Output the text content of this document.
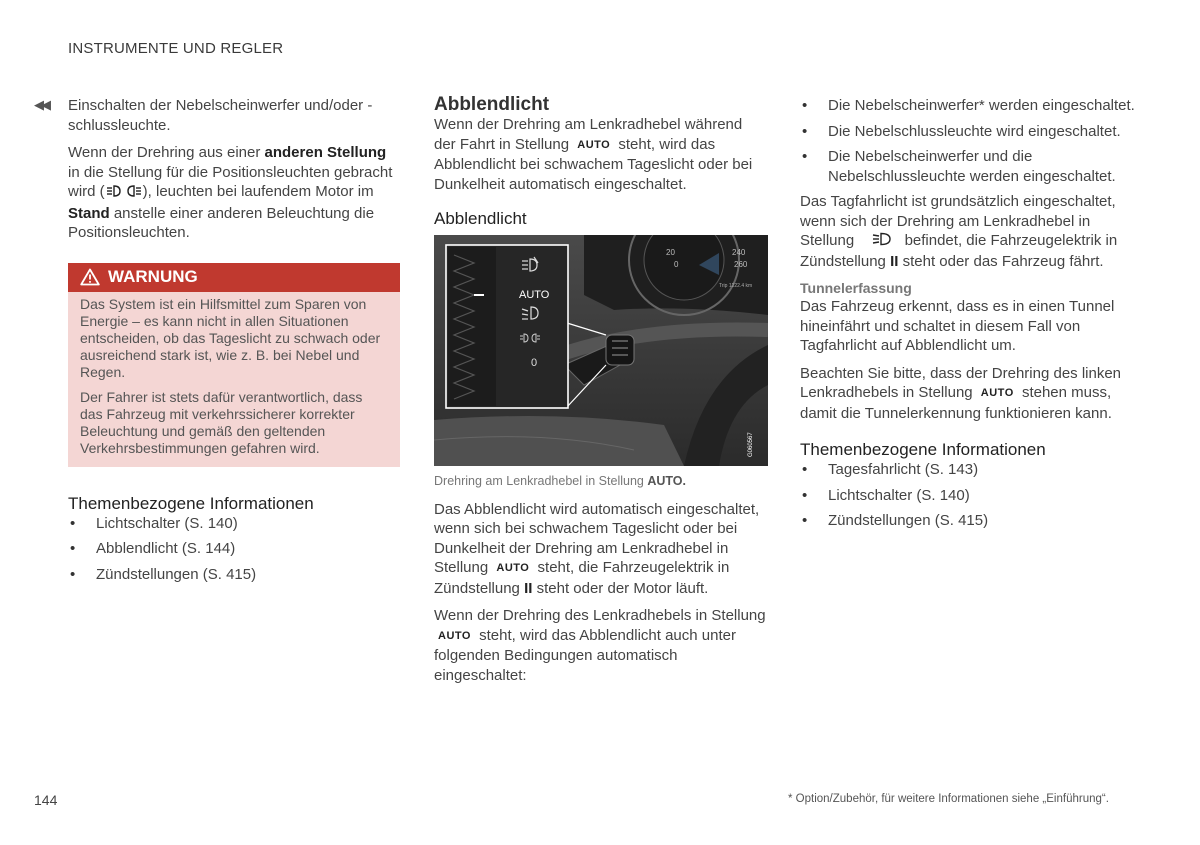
INSTRUMENTE UND REGLER
◀◀ Einschalten der Nebelscheinwerfer und/oder -schlussleuchte.

Wenn der Drehring aus einer anderen Stellung in die Stellung für die Positionsleuchten gebracht wird (	), leuchten bei laufendem Motor im Stand anstelle einer anderen Beleuchtung die Positionsleuchten.

WARNUNG

Das System ist ein Hilfsmittel zum Sparen von Energie – es kann nicht in allen Situationen entscheiden, ob das Tageslicht zu schwach oder ausreichend stark ist, wie z. B. bei Nebel und Regen.

Der Fahrer ist stets dafür verantwortlich, dass das Fahrzeug mit verkehrssicherer korrekter Beleuchtung und gemäß den geltenden Verkehrsbestimmungen gefahren wird.

Themenbezogene Informationen
• Lichtschalter (S. 140)
• Abblendlicht (S. 144)
• Zündstellungen (S. 415)
Abblendlicht

Wenn der Drehring am Lenkradhebel während der Fahrt in Stellung AUTO steht, wird das Abblendlicht bei schwachem Tageslicht oder bei Dunkelheit automatisch eingeschaltet.

Abblendlicht
20
0
240
260
Trip 1222.4 km
AUTO
0
G060567
Drehring am Lenkradhebel in Stellung AUTO.

Das Abblendlicht wird automatisch eingeschaltet, wenn sich bei schwachem Tageslicht oder bei Dunkelheit der Drehring am Lenkradhebel in Stellung AUTO steht, die Fahrzeugelektrik in Zündstellung II steht oder der Motor läuft.

Wenn der Drehring des Lenkradhebels in Stellung AUTO steht, wird das Abblendlicht auch unter folgenden Bedingungen automatisch eingeschaltet:

• Die Nebelscheinwerfer* werden eingeschaltet.
• Die Nebelschlussleuchte wird eingeschaltet.
• Die Nebelscheinwerfer und die Nebelschlussleuchte werden eingeschaltet.

Das Tagfahrlicht ist grundsätzlich eingeschaltet, wenn sich der Drehring am Lenkradhebel in Stellung	befindet, die Fahrzeugelektrik in Zündstellung II steht oder das Fahrzeug fährt.

Tunnelerfassung

Das Fahrzeug erkennt, dass es in einen Tunnel hineinfährt und schaltet in diesem Fall von Tagfahrlicht auf Abblendlicht um.

Beachten Sie bitte, dass der Drehring des linken Lenkradhebels in Stellung AUTO stehen muss, damit die Tunnelerkennung funktionieren kann.

Themenbezogene Informationen
• Tagesfahrlicht (S. 143)
• Lichtschalter (S. 140)
• Zündstellungen (S. 415)
144	* Option/Zubehör, für weitere Informationen siehe „Einführung“.
